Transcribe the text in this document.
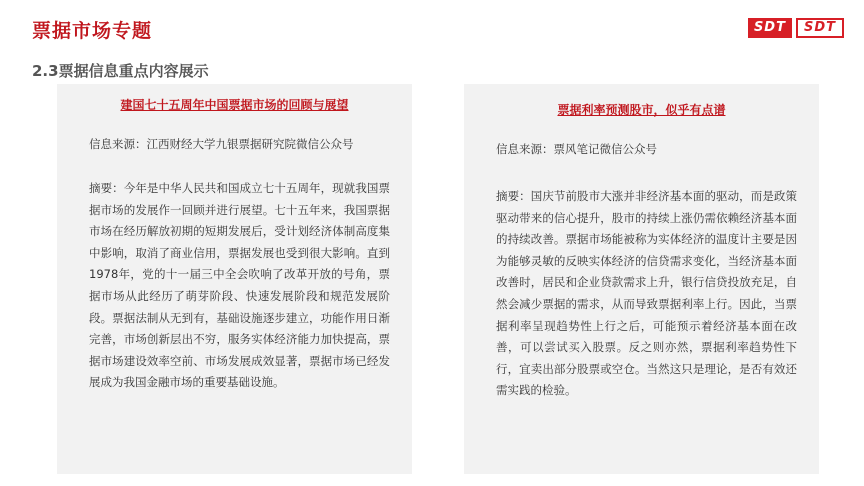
票据市场专题	SDT	SDT
2.3票据信息重点内容展示
建国七十五周年中国票据市场的回顾与展望
信息来源：江西财经大学九银票据研究院微信公众号
摘要：今年是中华人民共和国成立七十五周年，现就我国票据市场的发展作一回顾并进行展望。七十五年来，我国票据市场在经历解放初期的短期发展后，受计划经济体制高度集中影响，取消了商业信用，票据发展也受到很大影响。直到1978年，党的十一届三中全会吹响了改革开放的号角，票据市场从此经历了萌芽阶段、快速发展阶段和规范发展阶段。票据法制从无到有，基础设施逐步建立，功能作用日渐完善，市场创新层出不穷，服务实体经济能力加快提高，票据市场建设效率空前、市场发展成效显著，票据市场已经发展成为我国金融市场的重要基础设施。
票据利率预测股市，似乎有点谱
信息来源：票风笔记微信公众号
摘要：国庆节前股市大涨并非经济基本面的驱动，而是政策驱动带来的信心提升，股市的持续上涨仍需依赖经济基本面的持续改善。票据市场能被称为实体经济的温度计主要是因为能够灵敏的反映实体经济的信贷需求变化，当经济基本面改善时，居民和企业贷款需求上升，银行信贷投放充足，自然会减少票据的需求，从而导致票据利率上行。因此，当票据利率呈现趋势性上行之后，可能预示着经济基本面在改善，可以尝试买入股票。反之则亦然，票据利率趋势性下行，宜卖出部分股票或空仓。当然这只是理论，是否有效还需实践的检验。
